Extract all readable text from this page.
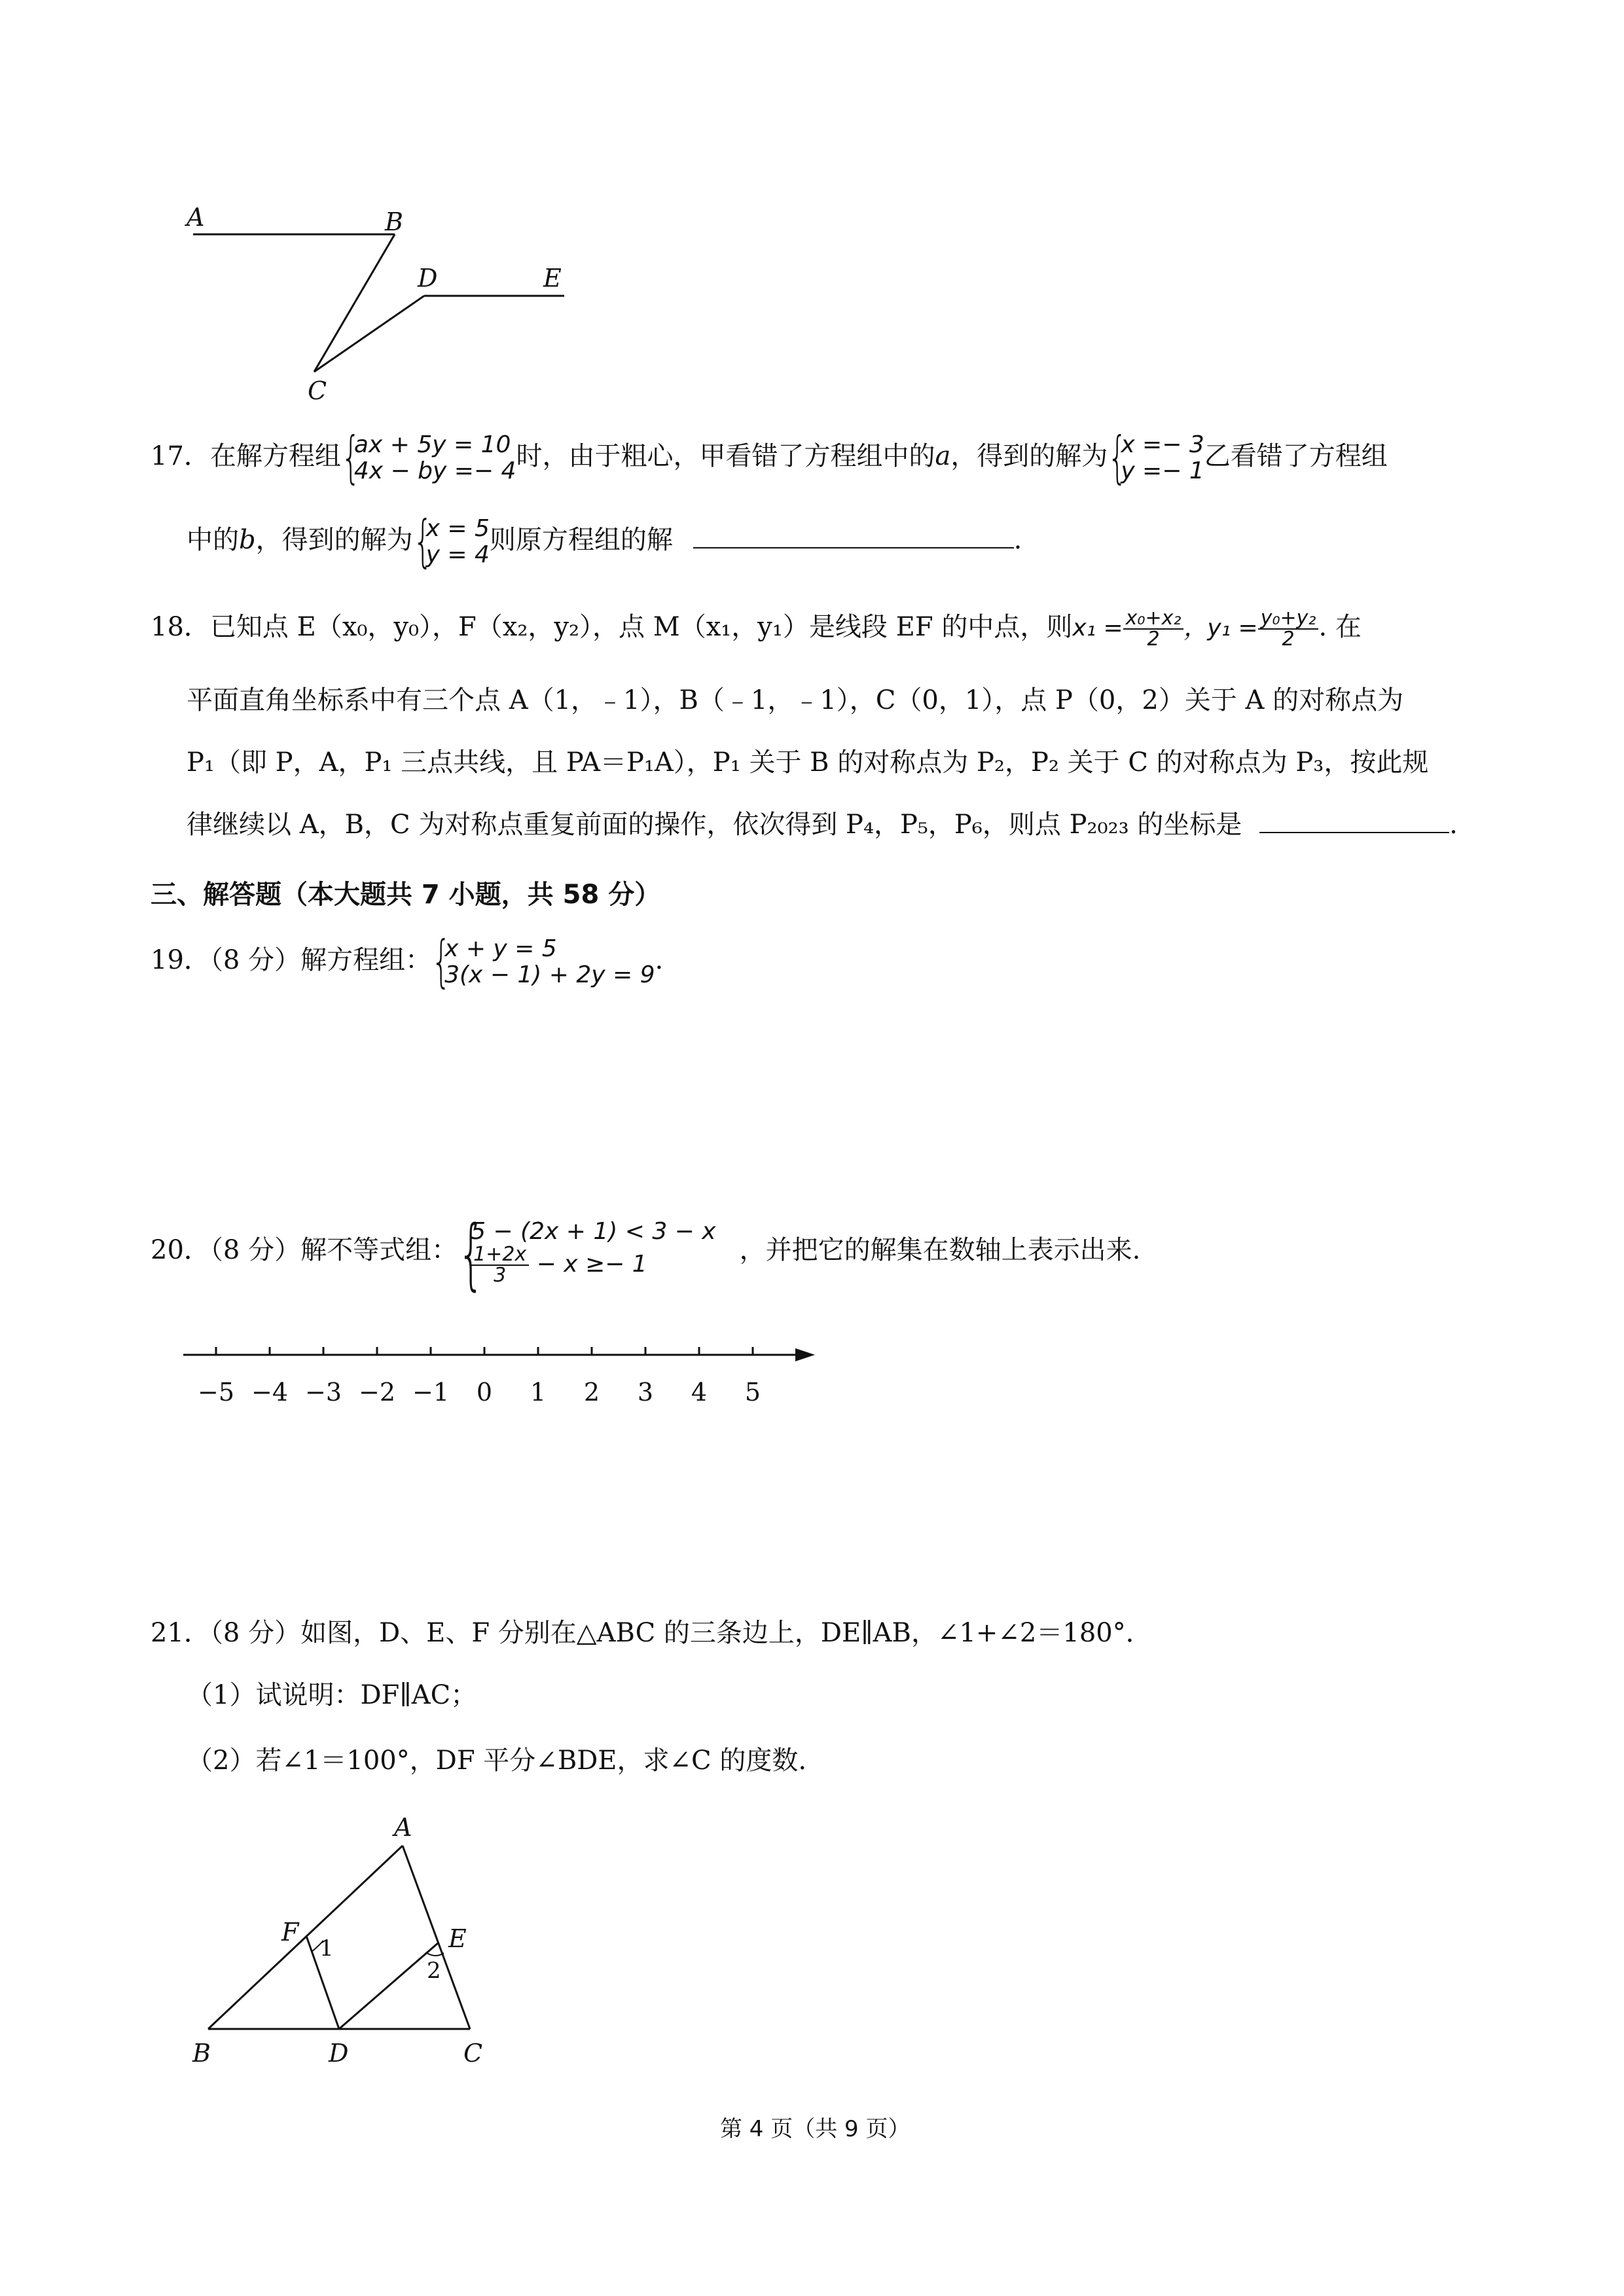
A	B
C
D	E
17．在解方程组 {
ax + 5y = 10
4x − by =− 4 时，由于粗心，甲看错了方程组中的a，得到的解为 {
x =− 3
y =− 1 乙看错了方程组
中的b，得到的解为 {
x = 5
y = 4 则原方程组的解	.
18．已知点 E（x₀，y₀），F（x₂，y₂），点 M（x₁，y₁）是线段 EF 的中点，则$x_1 = \frac{\text{x₀+x₂}}{2}$ ，$y_1 = \frac{\text{y₀+y₂}}{2}$ . 在
平面直角坐标系中有三个点 A（1，﹣1），B（﹣1，﹣1），C（0，1），点 P（0，2）关于 A 的对称点为
P₁（即 P，A，P₁ 三点共线，且 PA＝P₁A），P₁ 关于 B 的对称点为 P₂，P₂ 关于 C 的对称点为 P₃，按此规
律继续以 A，B，C 为对称点重复前面的操作，依次得到 P₄，P₅，P₆，则点 P₂₀₂₃ 的坐标是	.
三、解答题（本大题共 7 小题，共 58 分）
19．（8 分）解方程组： {
x + y = 5
3(x − 1) + 2y = 9 .
20．（8 分）解不等式组： {
5 − (2x + 1) < 3 − x
$\frac{1+2x}{3} - x \ge- 1$	，并把它的解集在数轴上表示出来.
−5 −4 −3 −2 −1 0 1 2 3 4 5
21．（8 分）如图，D、E、F 分别在△ABC 的三条边上，DE∥AB，∠1+∠2＝180°．
（1）试说明：DF∥AC；
（2）若∠1＝100°，DF 平分∠BDE，求∠C 的度数.
A
B	C
D
E
F
1
2
第 4 页（共 9 页）
